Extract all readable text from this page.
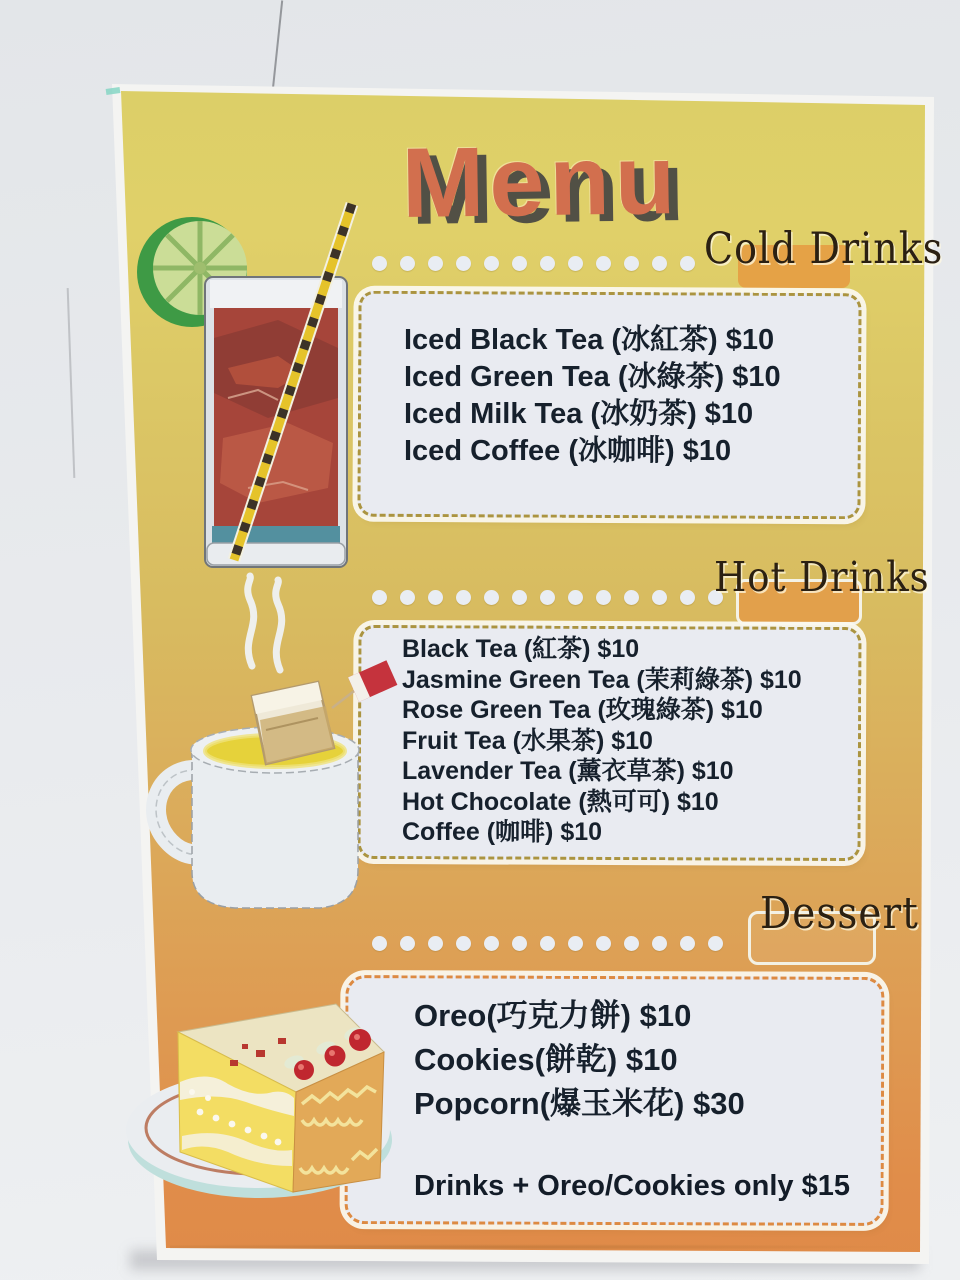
Menu
Cold Drinks
Hot Drinks
Dessert
Iced Black Tea (冰紅茶) $10
Iced Green Tea (冰綠茶) $10
Iced Milk Tea (冰奶茶) $10
Iced Coffee (冰咖啡) $10
Black Tea (紅茶) $10
Jasmine Green Tea (茉莉綠茶) $10
Rose Green Tea (玫瑰綠茶) $10
Fruit Tea (水果茶) $10
Lavender Tea (薰衣草茶) $10
Hot Chocolate (熱可可) $10
Coffee (咖啡) $10
Oreo(巧克力餅) $10
Cookies(餅乾) $10
Popcorn(爆玉米花) $30
Drinks + Oreo/Cookies only $15
